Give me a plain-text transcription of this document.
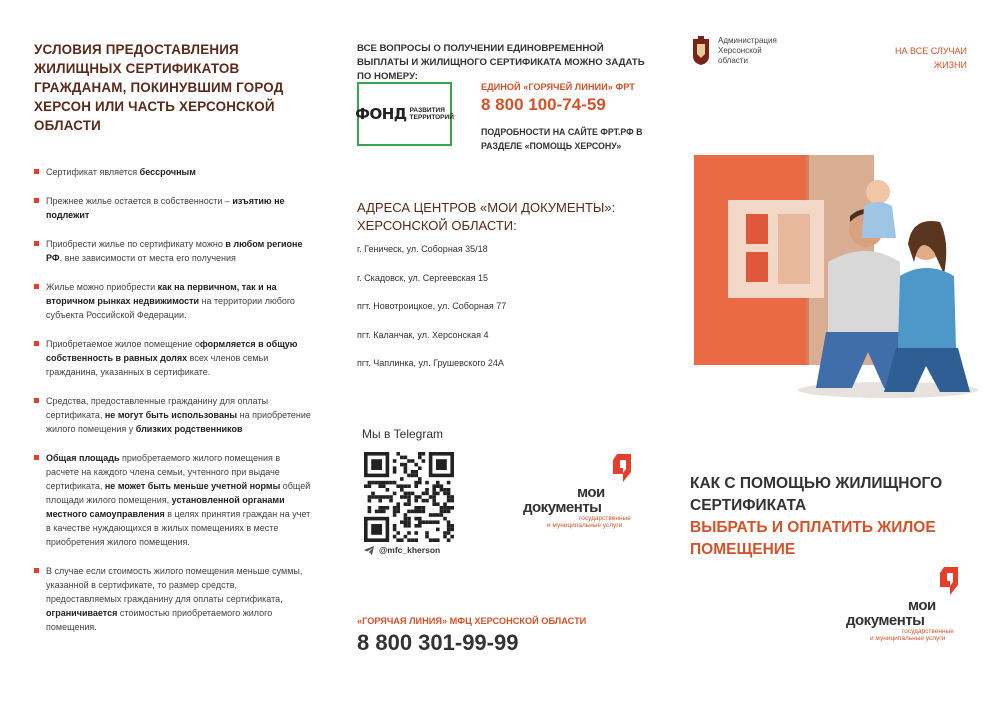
УСЛОВИЯ ПРЕДОСТАВЛЕНИЯ ЖИЛИЩНЫХ СЕРТИФИКАТОВ ГРАЖДАНАМ, ПОКИНУВШИМ ГОРОД ХЕРСОН ИЛИ ЧАСТЬ ХЕРСОНСКОЙ ОБЛАСТИ
Сертификат является бессрочным
Прежнее жилье остается в собственности – изъятию не подлежит
Приобрести жилье по сертификату можно в любом регионе РФ, вне зависимости от места его получения
Жилье можно приобрести как на первичном, так и на вторичном рынках недвижимости на территории любого субъекта Российской Федерации.
Приобретаемое жилое помещение оформляется в общую собственность в равных долях всех членов семьи гражданина, указанных в сертификате.
Средства, предоставленные гражданину для оплаты сертификата, не могут быть использованы на приобретение жилого помещения у близких родственников
Общая площадь приобретаемого жилого помещения в расчете на каждого члена семьи, учтенного при выдаче сертификата, не может быть меньше учетной нормы общей площади жилого помещения, установленной органами местного самоуправления в целях принятия граждан на учет в качестве нуждающихся в жилых помещениях в месте приобретения жилого помещения.
В случае если стоимость жилого помещения меньше суммы, указанной в сертификате, то размер средств, предоставляемых гражданину для оплаты сертификата, ограничивается стоимостью приобретаемого жилого помещения.
ВСЕ ВОПРОСЫ О ПОЛУЧЕНИИ ЕДИНОВРЕМЕННОЙ ВЫПЛАТЫ И ЖИЛИЩНОГО СЕРТИФИКАТА МОЖНО ЗАДАТЬ ПО НОМЕРУ:
ФОНД РАЗВИТИЯ
ТЕРРИТОРИЙ
ЕДИНОЙ «ГОРЯЧЕЙ ЛИНИИ» ФРТ
8 800 100-74-59
ПОДРОБНОСТИ НА САЙТЕ ФРТ.РФ В РАЗДЕЛЕ «ПОМОЩЬ ХЕРСОНУ»
АДРЕСА ЦЕНТРОВ «МОИ ДОКУМЕНТЫ»: ХЕРСОНСКОЙ ОБЛАСТИ:
г. Геническ, ул. Соборная 35/18
г. Скадовск, ул. Сергеевская 15
пгт. Новотроицкое, ул. Соборная 77
пгт. Каланчак, ул. Херсонская 4
пгт. Чаплинка, ул. Грушевского 24А
Мы в Telegram
@mfc_kherson
мои
документы
государственные
и муниципальные услуги
«ГОРЯЧАЯ ЛИНИЯ» МФЦ ХЕРСОНСКОЙ ОБЛАСТИ
8 800 301-99-99
Администрация
Херсонской
области
НА ВСЕ СЛУЧАИ ЖИЗНИ
КАК С ПОМОЩЬЮ ЖИЛИЩНОГО СЕРТИФИКАТА
ВЫБРАТЬ И ОПЛАТИТЬ ЖИЛОЕ ПОМЕЩЕНИЕ
мои
документы
государственные
и муниципальные услуги
